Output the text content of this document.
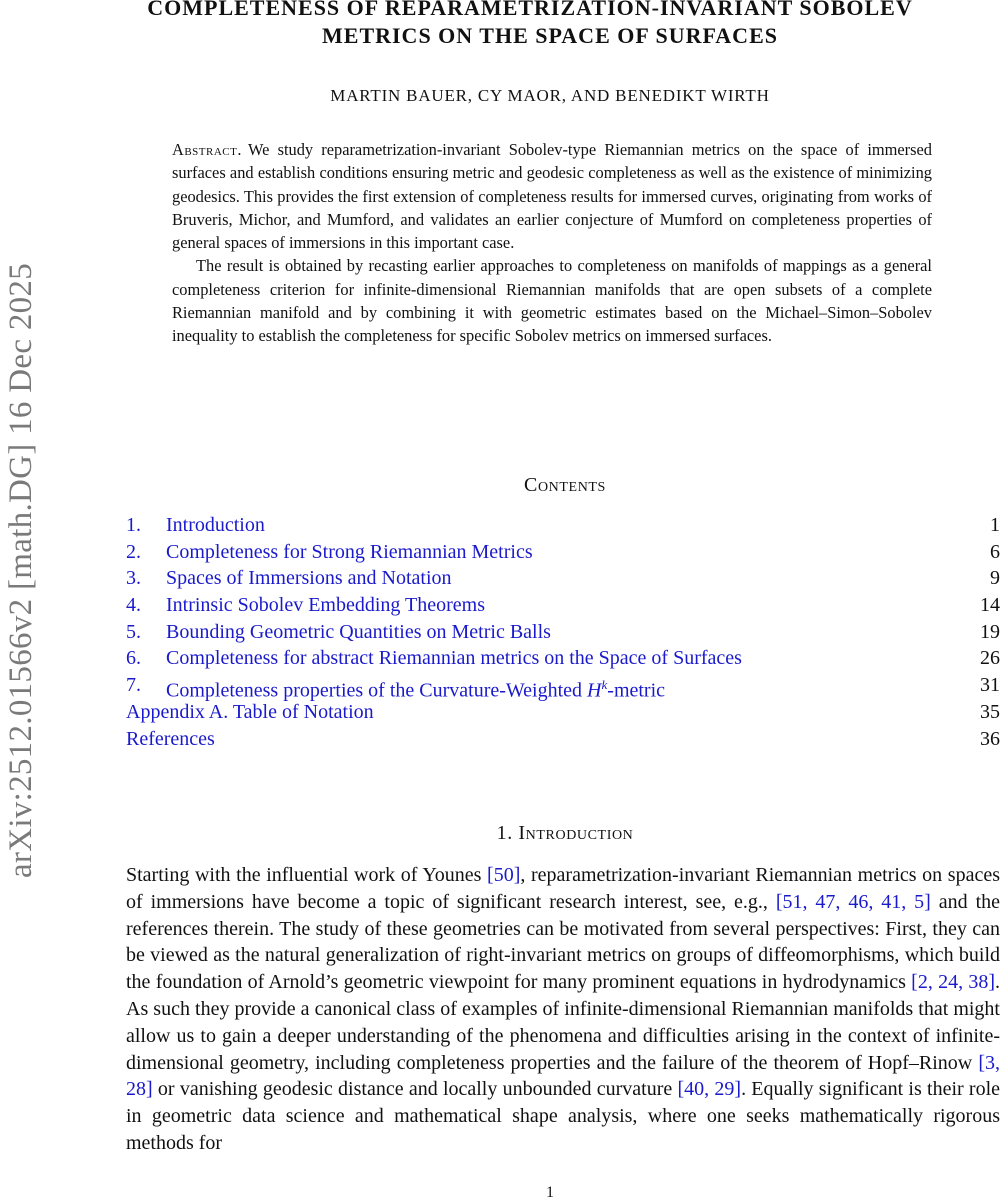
arXiv:2512.01566v2 [math.DG] 16 Dec 2025
COMPLETENESS OF REPARAMETRIZATION-INVARIANT SOBOLEV
METRICS ON THE SPACE OF SURFACES
MARTIN BAUER, CY MAOR, AND BENEDIKT WIRTH

Abstract. We study reparametrization-invariant Sobolev-type Riemannian metrics on the space of immersed surfaces and establish conditions ensuring metric and geodesic completeness as well as the existence of minimizing geodesics. This provides the first extension of completeness results for immersed curves, originating from works of Bruveris, Michor, and Mumford, and validates an earlier conjecture of Mumford on completeness properties of general spaces of immersions in this important case.

The result is obtained by recasting earlier approaches to completeness on manifolds of mappings as a general completeness criterion for infinite-dimensional Riemannian manifolds that are open subsets of a complete Riemannian manifold and by combining it with geometric estimates based on the Michael–Simon–Sobolev inequality to establish the completeness for specific Sobolev metrics on immersed surfaces.

Contents
1.	Introduction	1
2.	Completeness for Strong Riemannian Metrics	6
3.	Spaces of Immersions and Notation	9
4.	Intrinsic Sobolev Embedding Theorems	14
5.	Bounding Geometric Quantities on Metric Balls	19
6.	Completeness for abstract Riemannian metrics on the Space of Surfaces	26
7.	Completeness properties of the Curvature-Weighted $H^k$-metric	31
Appendix A. Table of Notation	35
References	36
1. Introduction

Starting with the influential work of Younes [50], reparametrization-invariant Riemannian metrics on spaces of immersions have become a topic of significant research interest, see, e.g., [51, 47, 46, 41, 5] and the references therein. The study of these geometries can be motivated from several perspectives: First, they can be viewed as the natural generalization of right-invariant metrics on groups of diffeomorphisms, which build the foundation of Arnold’s geometric viewpoint for many prominent equations in hydrodynamics [2, 24, 38]. As such they provide a canonical class of examples of infinite-dimensional Riemannian manifolds that might allow us to gain a deeper understanding of the phenomena and difficulties arising in the context of infinite-dimensional geometry, including completeness properties and the failure of the theorem of Hopf–Rinow [3, 28] or vanishing geodesic distance and locally unbounded curvature [40, 29]. Equally significant is their role in geometric data science and mathematical shape analysis, where one seeks mathematically rigorous methods for

1
